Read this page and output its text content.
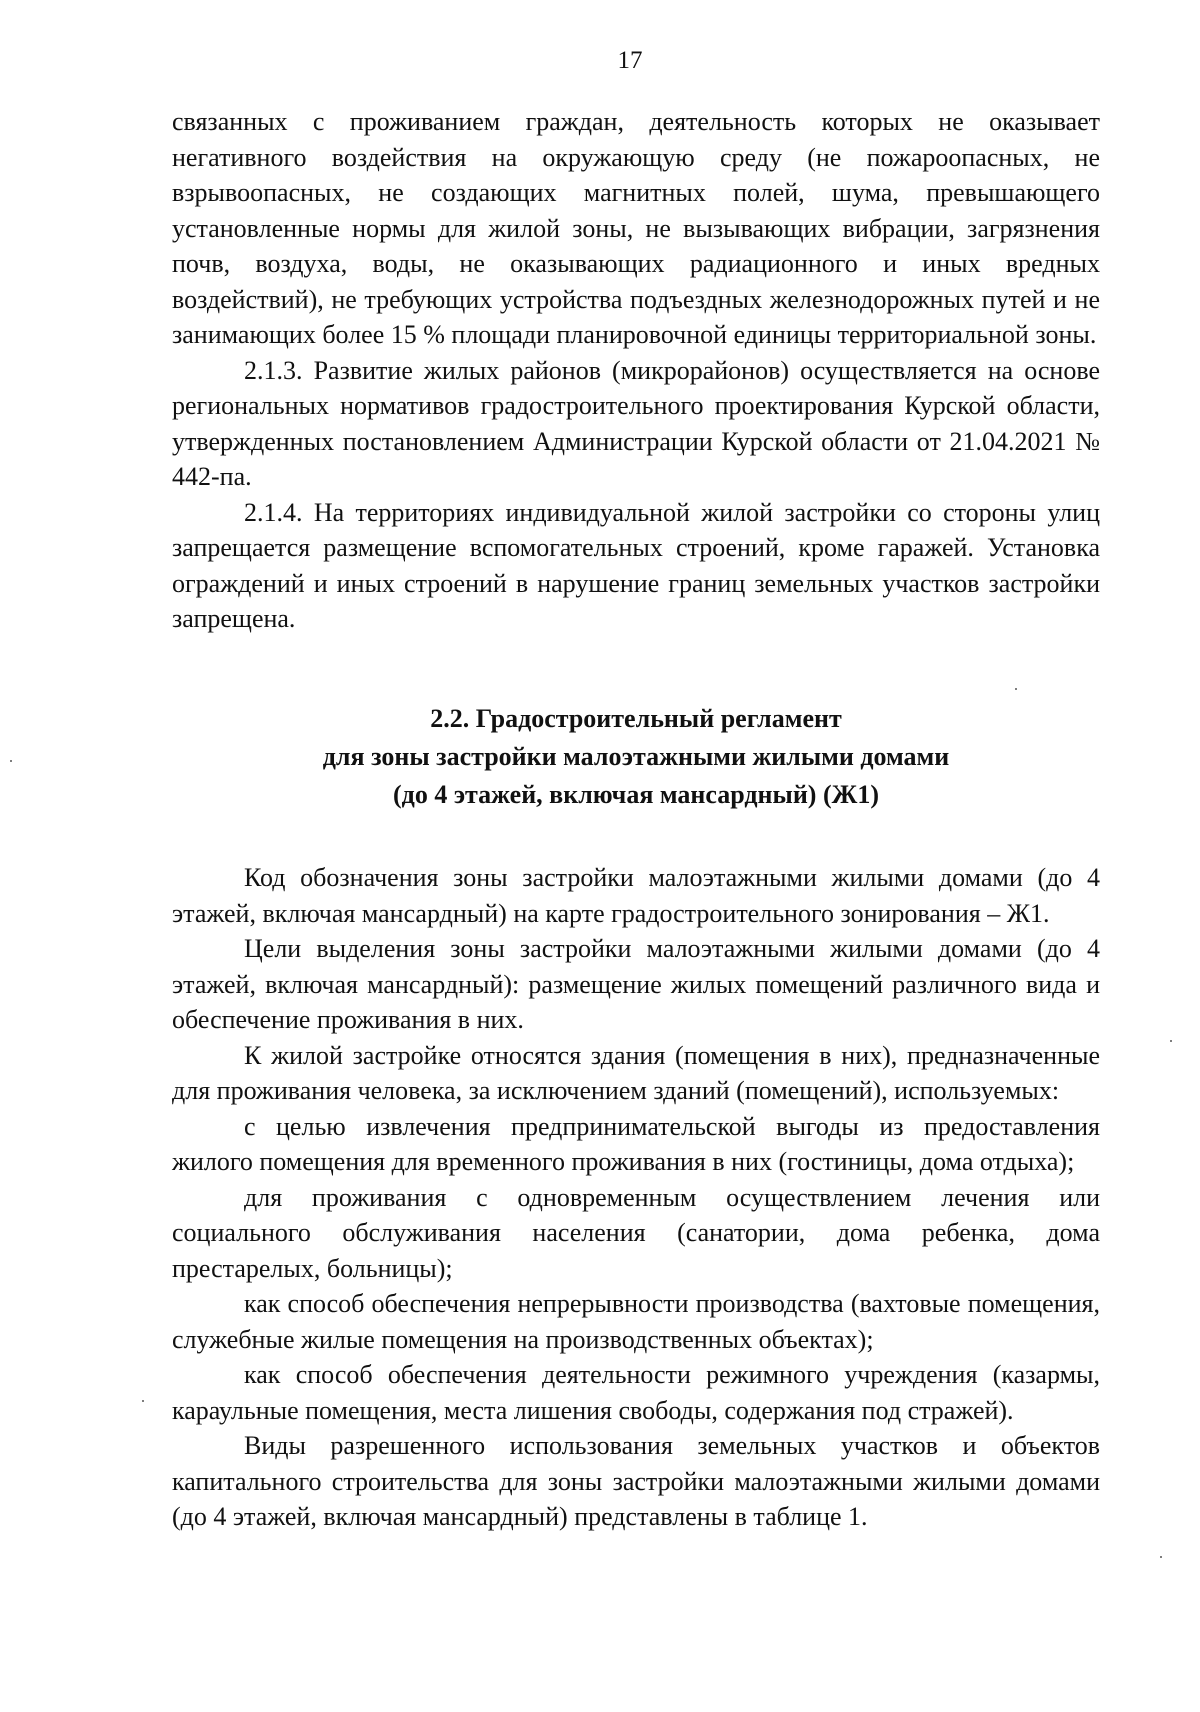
17

связанных с проживанием граждан, деятельность которых не оказывает негативного воздействия на окружающую среду (не пожароопасных, не взрывоопасных, не создающих магнитных полей, шума, превышающего установленные нормы для жилой зоны, не вызывающих вибрации, загрязнения почв, воздуха, воды, не оказывающих радиационного и иных вредных воздействий), не требующих устройства подъездных железнодорожных путей и не занимающих более 15 % площади планировочной единицы территориальной зоны.

2.1.3. Развитие жилых районов (микрорайонов) осуществляется на основе региональных нормативов градостроительного проектирования Курской области, утвержденных постановлением Администрации Курской области от 21.04.2021 № 442-па.

2.1.4. На территориях индивидуальной жилой застройки со стороны улиц запрещается размещение вспомогательных строений, кроме гаражей. Установка ограждений и иных строений в нарушение границ земельных участков застройки запрещена.

2.2. Градостроительный регламент
для зоны застройки малоэтажными жилыми домами
(до 4 этажей, включая мансардный) (Ж1)

Код обозначения зоны застройки малоэтажными жилыми домами (до 4 этажей, включая мансардный) на карте градостроительного зонирования – Ж1.

Цели выделения зоны застройки малоэтажными жилыми домами (до 4 этажей, включая мансардный): размещение жилых помещений различного вида и обеспечение проживания в них.

К жилой застройке относятся здания (помещения в них), предназначенные для проживания человека, за исключением зданий (помещений), используемых:

с целью извлечения предпринимательской выгоды из предоставления жилого помещения для временного проживания в них (гостиницы, дома отдыха);

для проживания с одновременным осуществлением лечения или социального обслуживания населения (санатории, дома ребенка, дома престарелых, больницы);

как способ обеспечения непрерывности производства (вахтовые помещения, служебные жилые помещения на производственных объектах);

как способ обеспечения деятельности режимного учреждения (казармы, караульные помещения, места лишения свободы, содержания под стражей).

Виды разрешенного использования земельных участков и объектов капитального строительства для зоны застройки малоэтажными жилыми домами (до 4 этажей, включая мансардный) представлены в таблице 1.
